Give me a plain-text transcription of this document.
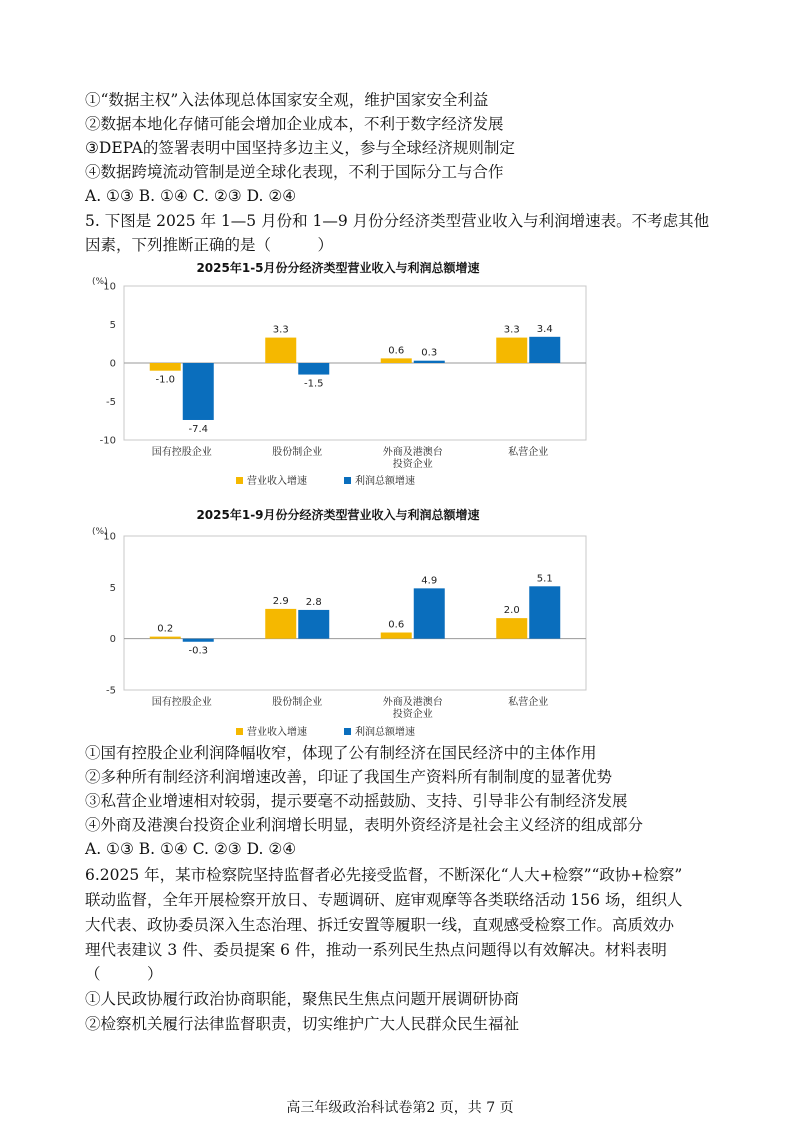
①“数据主权”入法体现总体国家安全观，维护国家安全利益
②数据本地化存储可能会增加企业成本，不利于数字经济发展
③DEPA的签署表明中国坚持多边主义，参与全球经济规则制定
④数据跨境流动管制是逆全球化表现，不利于国际分工与合作
A. ①③ B. ①④ C. ②③ D. ②④
5. 下图是 2025 年 1—5 月份和 1—9 月份分经济类型营业收入与利润增速表。不考虑其他
因素，下列推断正确的是（　　　）
2025年1-5月份分经济类型营业收入与利润总额增速
(%)
10
5
0
-5
-10
-1.0
-7.4
国有控股企业
3.3
-1.5
股份制企业
0.6 0.3
外商及港澳台
投资企业
3.3 3.4
私营企业
营业收入增速	利润总额增速
2025年1-9月份分经济类型营业收入与利润总额增速
(%)
10
5
0
-5
0.2
-0.3
国有控股企业
2.9 2.8
股份制企业
0.6
4.9
外商及港澳台
投资企业
2.0
5.1
私营企业
营业收入增速	利润总额增速
①国有控股企业利润降幅收窄，体现了公有制经济在国民经济中的主体作用
②多种所有制经济利润增速改善，印证了我国生产资料所有制制度的显著优势
③私营企业增速相对较弱，提示要毫不动摇鼓励、支持、引导非公有制经济发展
④外商及港澳台投资企业利润增长明显，表明外资经济是社会主义经济的组成部分
A. ①③ B. ①④ C. ②③ D. ②④
6.2025 年，某市检察院坚持监督者必先接受监督，不断深化“人大+检察”“政协+检察”
联动监督，全年开展检察开放日、专题调研、庭审观摩等各类联络活动 156 场，组织人
大代表、政协委员深入生态治理、拆迁安置等履职一线，直观感受检察工作。高质效办
理代表建议 3 件、委员提案 6 件，推动一系列民生热点问题得以有效解决。材料表明
（　　　）
①人民政协履行政治协商职能，聚焦民生焦点问题开展调研协商
②检察机关履行法律监督职责，切实维护广大人民群众民生福祉
高三年级政治科试卷第2 页，共 7 页
